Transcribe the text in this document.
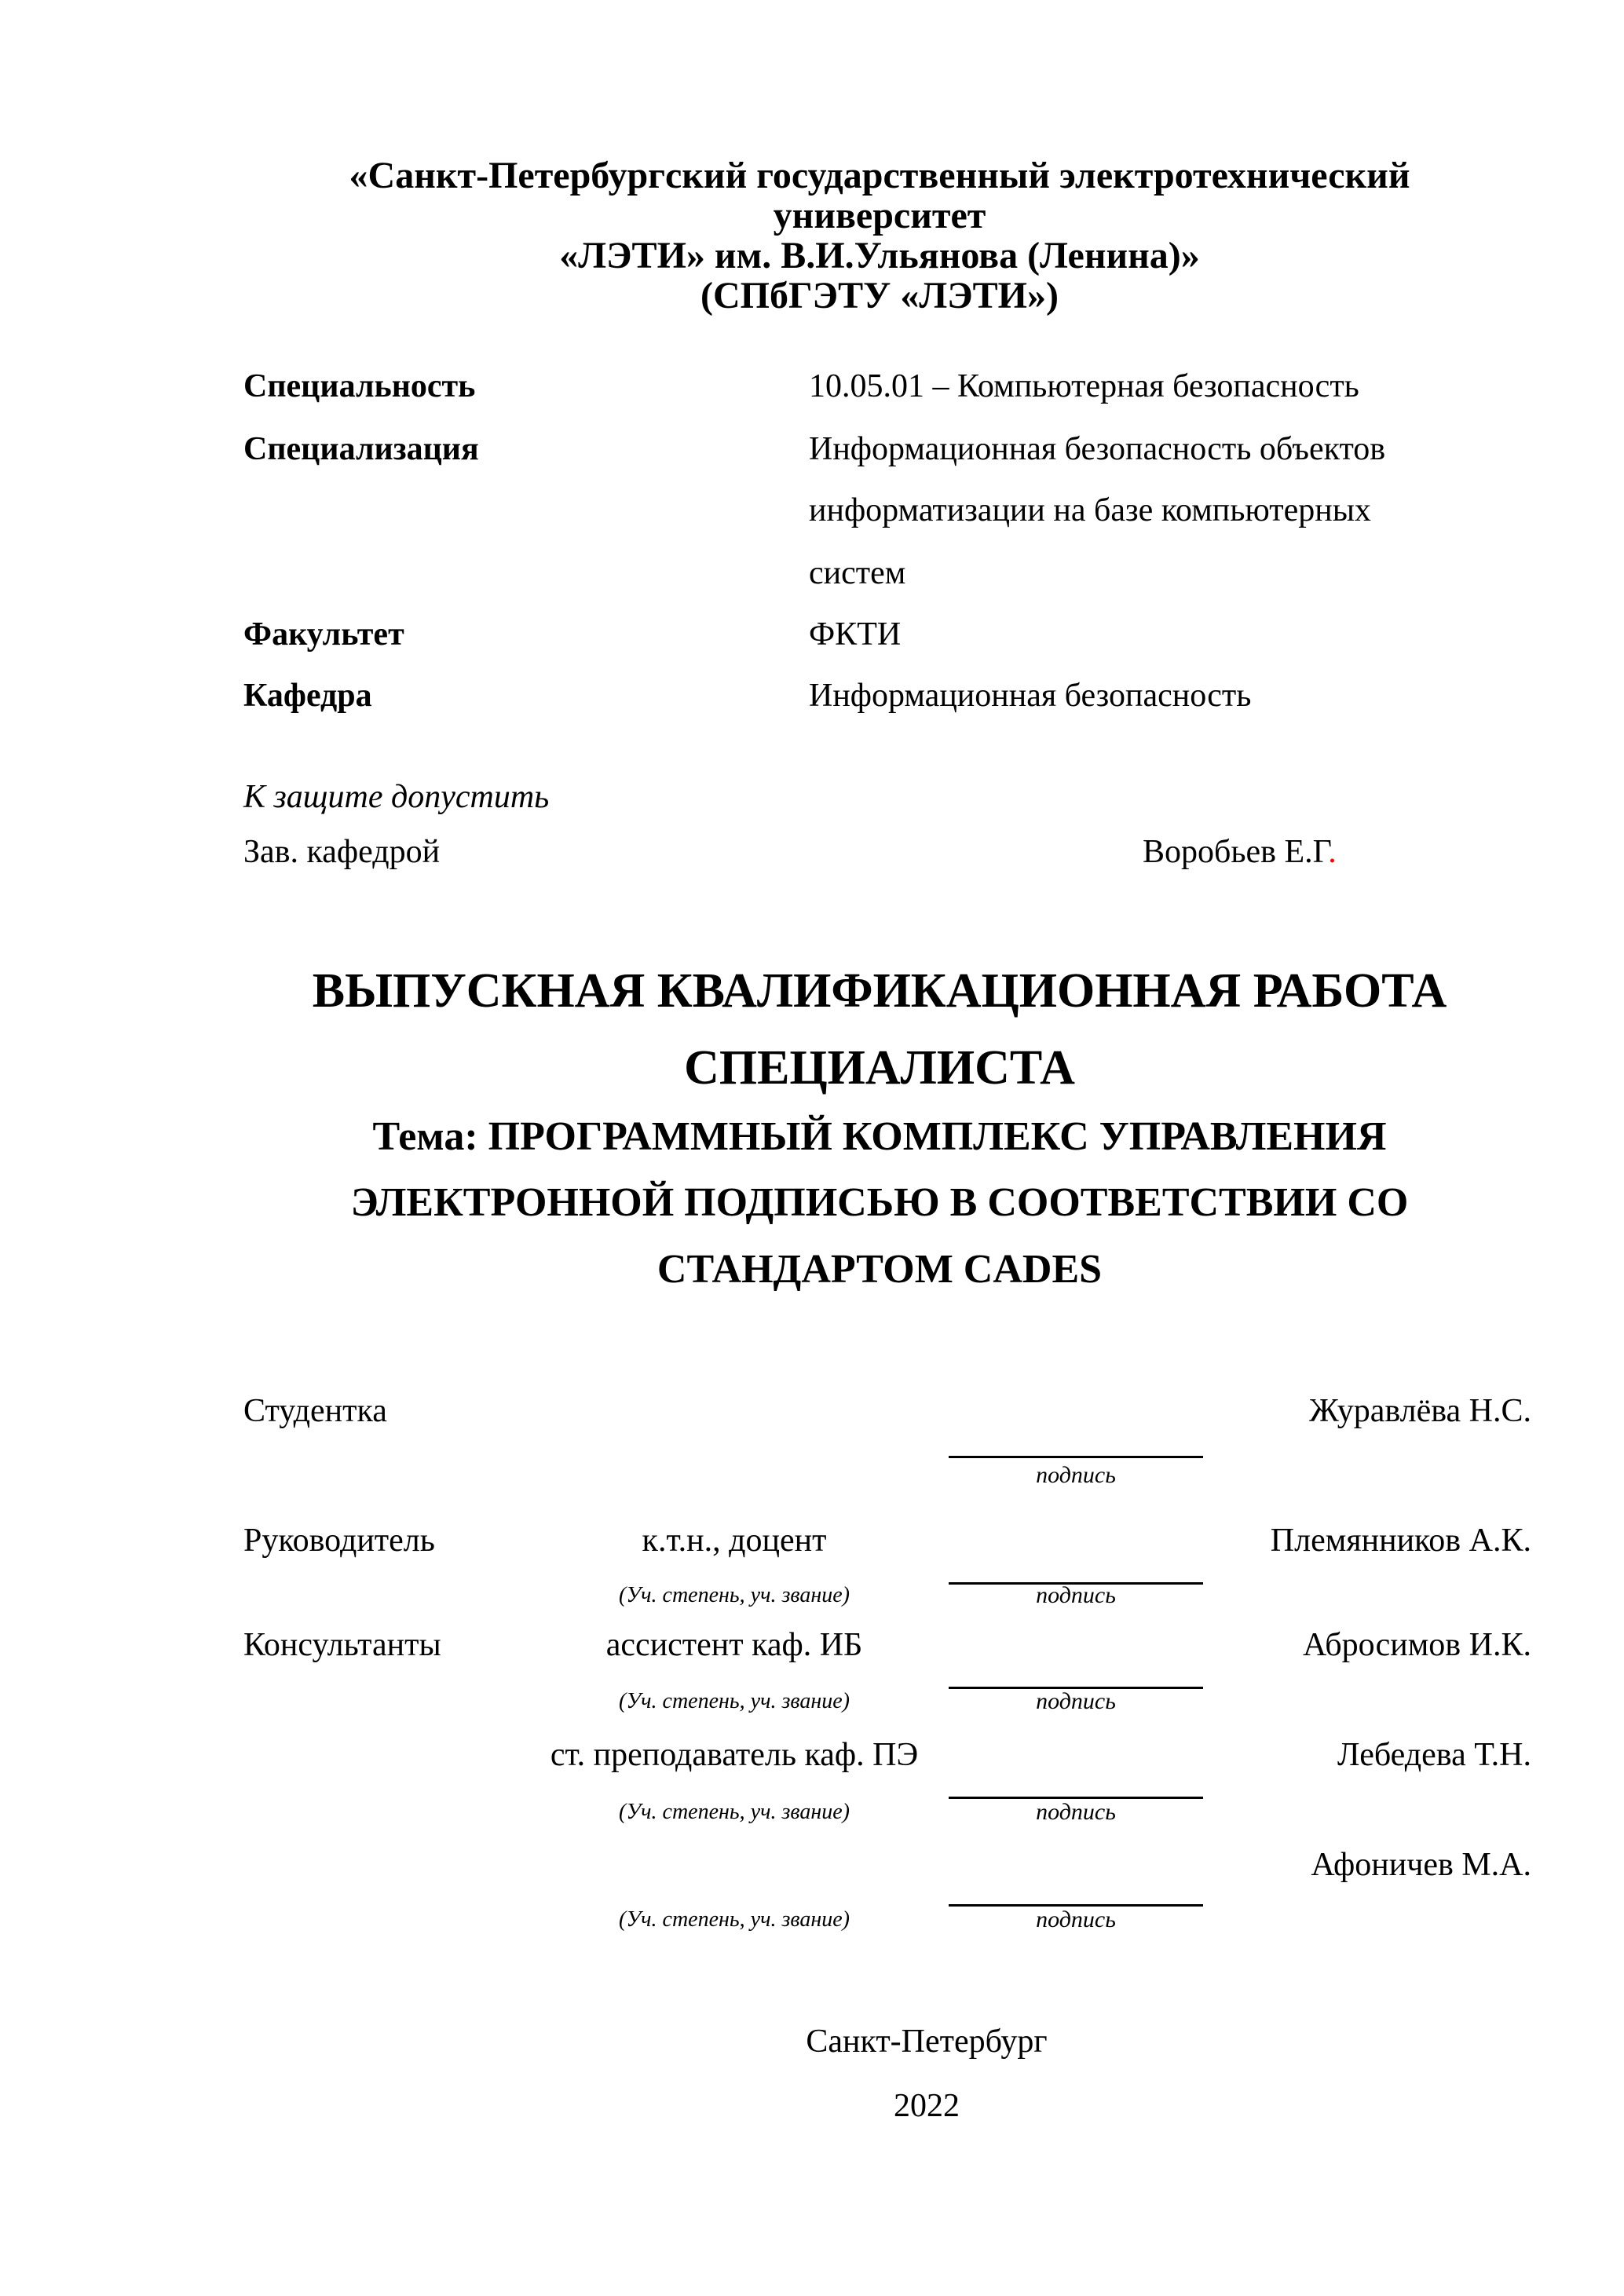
«Санкт-Петербургский государственный электротехнический университет
«ЛЭТИ» им. В.И.Ульянова (Ленина)»
(СПбГЭТУ «ЛЭТИ»)
Специальность	10.05.01 – Компьютерная безопасность
Специализация	Информационная безопасность объектов
информатизации на базе компьютерных
систем
Факультет	ФКТИ
Кафедра	Информационная безопасность
К защите допустить
Зав. кафедрой	Воробьев Е.Г.
ВЫПУСКНАЯ КВАЛИФИКАЦИОННАЯ РАБОТА
СПЕЦИАЛИСТА
Тема: ПРОГРАММНЫЙ КОМПЛЕКС УПРАВЛЕНИЯ
ЭЛЕКТРОННОЙ ПОДПИСЬЮ В СООТВЕТСТВИИ СО
СТАНДАРТОМ CADES
Студентка	Журавлёва Н.С.
подпись
Руководитель	к.т.н., доцент	Племянников А.К.
(Уч. степень, уч. звание)	подпись
Консультанты	ассистент каф. ИБ	Абросимов И.К.
(Уч. степень, уч. звание)	подпись
ст. преподаватель каф. ПЭ	Лебедева Т.Н.
(Уч. степень, уч. звание)	подпись
Афоничев М.А.
(Уч. степень, уч. звание)	подпись
Санкт-Петербург
2022
